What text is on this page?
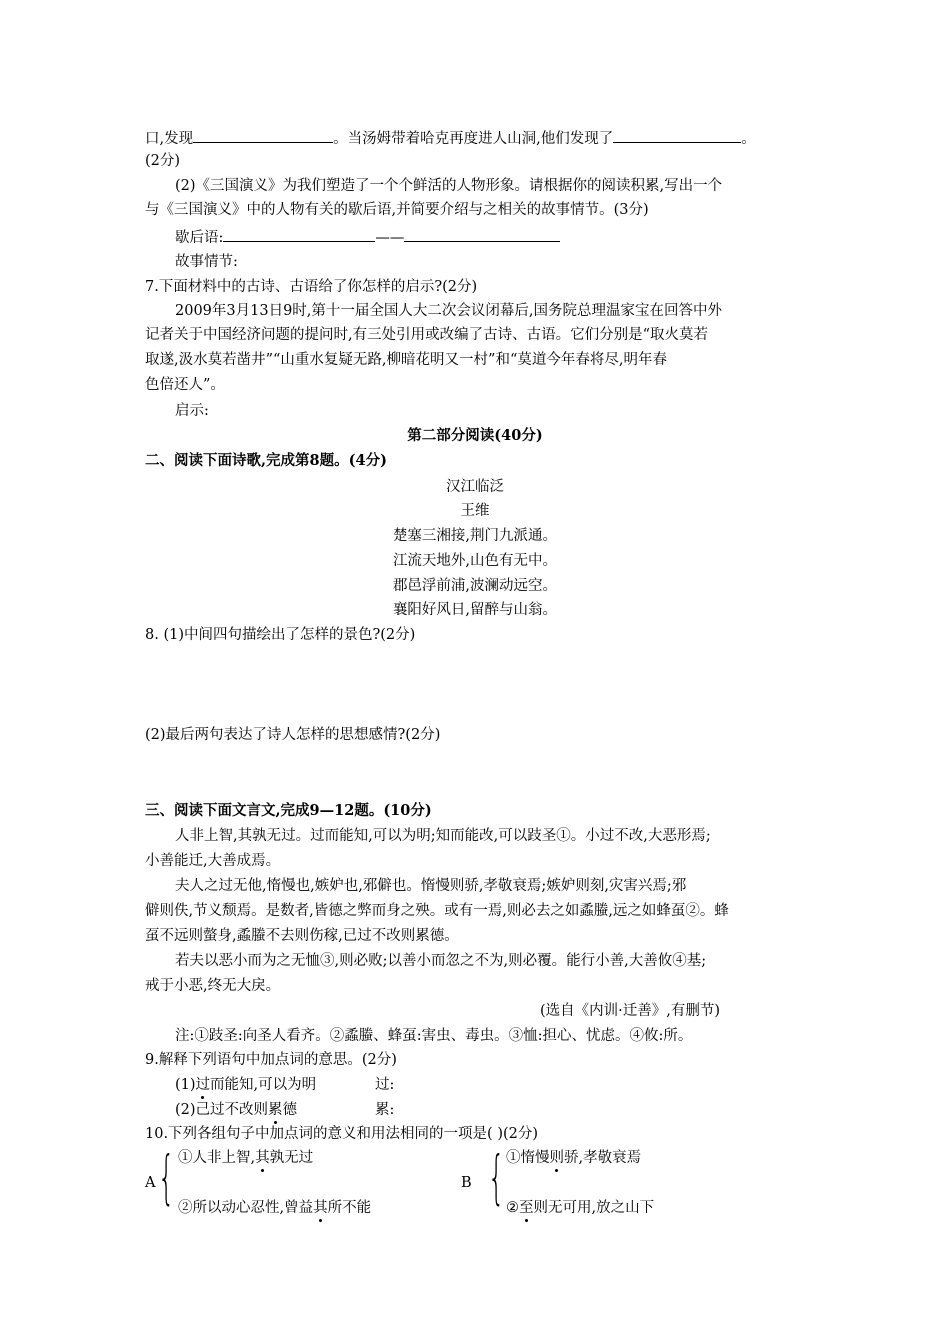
口,发现	。当汤姆带着哈克再度进人山洞,他们发现了	。
(2分)
(2)《三国演义》为我们塑造了一个个鲜活的人物形象。请根据你的阅读积累,写出一个
与《三国演义》中的人物有关的歇后语,并简要介绍与之相关的故事情节。(3分)
歇后语:	——
故事情节:
7.下面材料中的古诗、古语给了你怎样的启示?(2分)
2009年3月13日9时,第十一届全国人大二次会议闭幕后,国务院总理温家宝在回答中外
记者关于中国经济问题的提问时,有三处引用或改编了古诗、古语。它们分别是“取火莫若
取遂,汲水莫若凿井”“山重水复疑无路,柳暗花明又一村”和“莫道今年春将尽,明年春
色倍还人”。
启示:
第二部分阅读(40分)
二、阅读下面诗歌,完成第8题。(4分)
汉江临泛
王维
楚塞三湘接,荆门九派通。
江流天地外,山色有无中。
郡邑浮前浦,波澜动远空。
襄阳好风日,留醉与山翁。
8. (1)中间四句描绘出了怎样的景色?(2分)
(2)最后两句表达了诗人怎样的思想感情?(2分)
三、阅读下面文言文,完成9—12题。(10分)
人非上智,其孰无过。过而能知,可以为明;知而能改,可以跂圣①。小过不改,大恶形焉;
小善能迁,大善成焉。
夫人之过无他,惰慢也,嫉妒也,邪僻也。惰慢则骄,孝敬衰焉;嫉妒则刻,灾害兴焉;邪
僻则佚,节义颓焉。是数者,皆德之弊而身之殃。或有一焉,则必去之如蟊螣,远之如蜂虿②。蜂
虿不远则螫身,蟊螣不去则伤稼,已过不改则累德。
若夫以恶小而为之无恤③,则必败;以善小而忽之不为,则必覆。能行小善,大善攸④基;
戒于小恶,终无大戾。
(选自《内训·迁善》,有删节)
注:①跂圣:向圣人看齐。②蟊螣、蜂虿:害虫、毒虫。③恤:担心、忧虑。④攸:所。
9.解释下列语句中加点词的意思。(2分)
(1)过而能知,可以为明	过:
(2)己过不改则累德	累:
10.下列各组句子中加点词的意义和用法相同的一项是( )(2分)
A { ①人非上智,其孰无过
②所以动心忍性,曾益其所不能
B { ①惰慢则骄,孝敬衰焉
②至则无可用,放之山下
